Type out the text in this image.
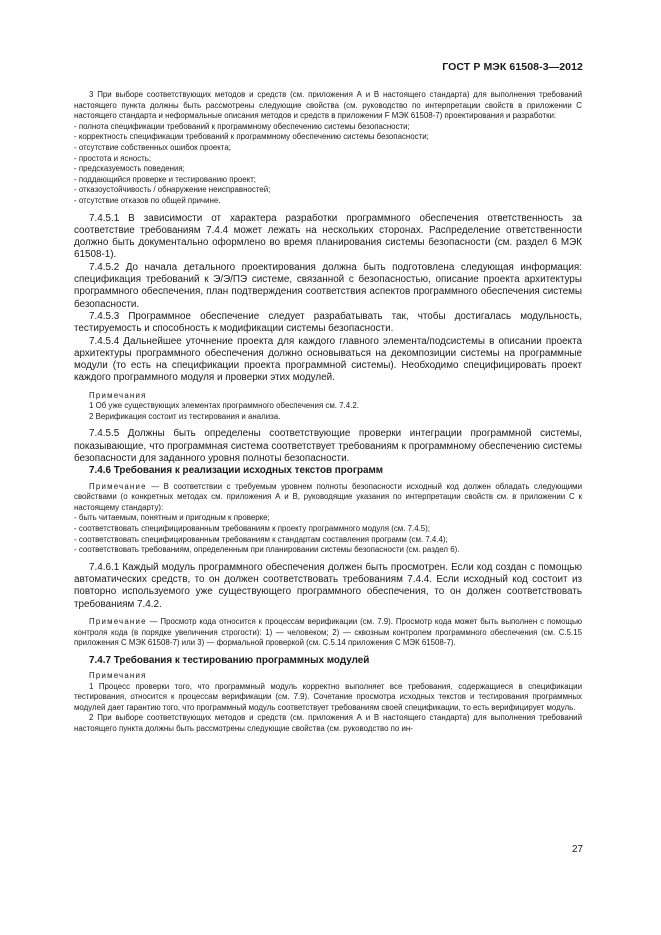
ГОСТ Р МЭК 61508-3—2012

3 При выборе соответствующих методов и средств (см. приложения А и В настоящего стандарта) для выполнения требований настоящего пункта должны быть рассмотрены следующие свойства (см. руководство по интерпретации свойств в приложении С настоящего стандарта и неформальные описания методов и средств в приложении F МЭК 61508-7) проектирования и разработки:

- полнота спецификации требований к программному обеспечению системы безопасности;

- корректность спецификации требований к программному обеспечению системы безопасности;

- отсутствие собственных ошибок проекта;

- простота и ясность;

- предсказуемость поведения;

- поддающийся проверке и тестированию проект;

- отказоустойчивость / обнаружение неисправностей;

- отсутствие отказов по общей причине.

7.4.5.1 В зависимости от характера разработки программного обеспечения ответственность за соответствие требованиям 7.4.4 может лежать на нескольких сторонах. Распределение ответственности должно быть документально оформлено во время планирования системы безопасности (см. раздел 6 МЭК 61508-1).

7.4.5.2 До начала детального проектирования должна быть подготовлена следующая информация: спецификация требований к Э/Э/ПЭ системе, связанной с безопасностью, описание проекта архитектуры программного обеспечения, план подтверждения соответствия аспектов программного обеспечения системы безопасности.

7.4.5.3 Программное обеспечение следует разрабатывать так, чтобы достигалась модульность, тестируемость и способность к модификации системы безопасности.

7.4.5.4 Дальнейшее уточнение проекта для каждого главного элемента/подсистемы в описании проекта архитектуры программного обеспечения должно основываться на декомпозиции системы на программные модули (то есть на спецификации проекта программной системы). Необходимо специфицировать проект каждого программного модуля и проверки этих модулей.

Примечания

1 Об уже существующих элементах программного обеспечения см. 7.4.2.

2 Верификация состоит из тестирования и анализа.

7.4.5.5 Должны быть определены соответствующие проверки интеграции программной системы, показывающие, что программная система соответствует требованиям к программному обеспечению системы безопасности для заданного уровня полноты безопасности.

7.4.6 Требования к реализации исходных текстов программ

Примечание — В соответствии с требуемым уровнем полноты безопасности исходный код должен обладать следующими свойствами (о конкретных методах см. приложения А и В, руководящие указания по интерпретации свойств см. в приложении С к настоящему стандарту):

- быть читаемым, понятным и пригодным к проверке;

- соответствовать специфицированным требованиям к проекту программного модуля (см. 7.4.5);

- соответствовать специфицированным требованиям к стандартам составления программ (см. 7.4.4);

- соответствовать требованиям, определенным при планировании системы безопасности (см. раздел 6).

7.4.6.1 Каждый модуль программного обеспечения должен быть просмотрен. Если код создан с помощью автоматических средств, то он должен соответствовать требованиям 7.4.4. Если исходный код состоит из повторно используемого уже существующего программного обеспечения, то он должен соответствовать требованиям 7.4.2.

Примечание — Просмотр кода относится к процессам верификации (см. 7.9). Просмотр кода может быть выполнен с помощью контроля кода (в порядке увеличения строгости): 1) — человеком; 2) — сквозным контролем программного обеспечения (см. С.5.15 приложения С МЭК 61508-7) или 3) — формальной проверкой (см. С.5.14 приложения С МЭК 61508-7).

7.4.7 Требования к тестированию программных модулей

Примечания

1 Процесс проверки того, что программный модуль корректно выполняет все требования, содержащиеся в спецификации тестирования, относится к процессам верификации (см. 7.9). Сочетание просмотра исходных текстов и тестирования программных модулей дает гарантию того, что программный модуль соответствует требованиям своей спецификации, то есть верифицирует модуль.

2 При выборе соответствующих методов и средств (см. приложения А и В настоящего стандарта) для выполнения требований настоящего пункта должны быть рассмотрены следующие свойства (см. руководство по ин-

27
